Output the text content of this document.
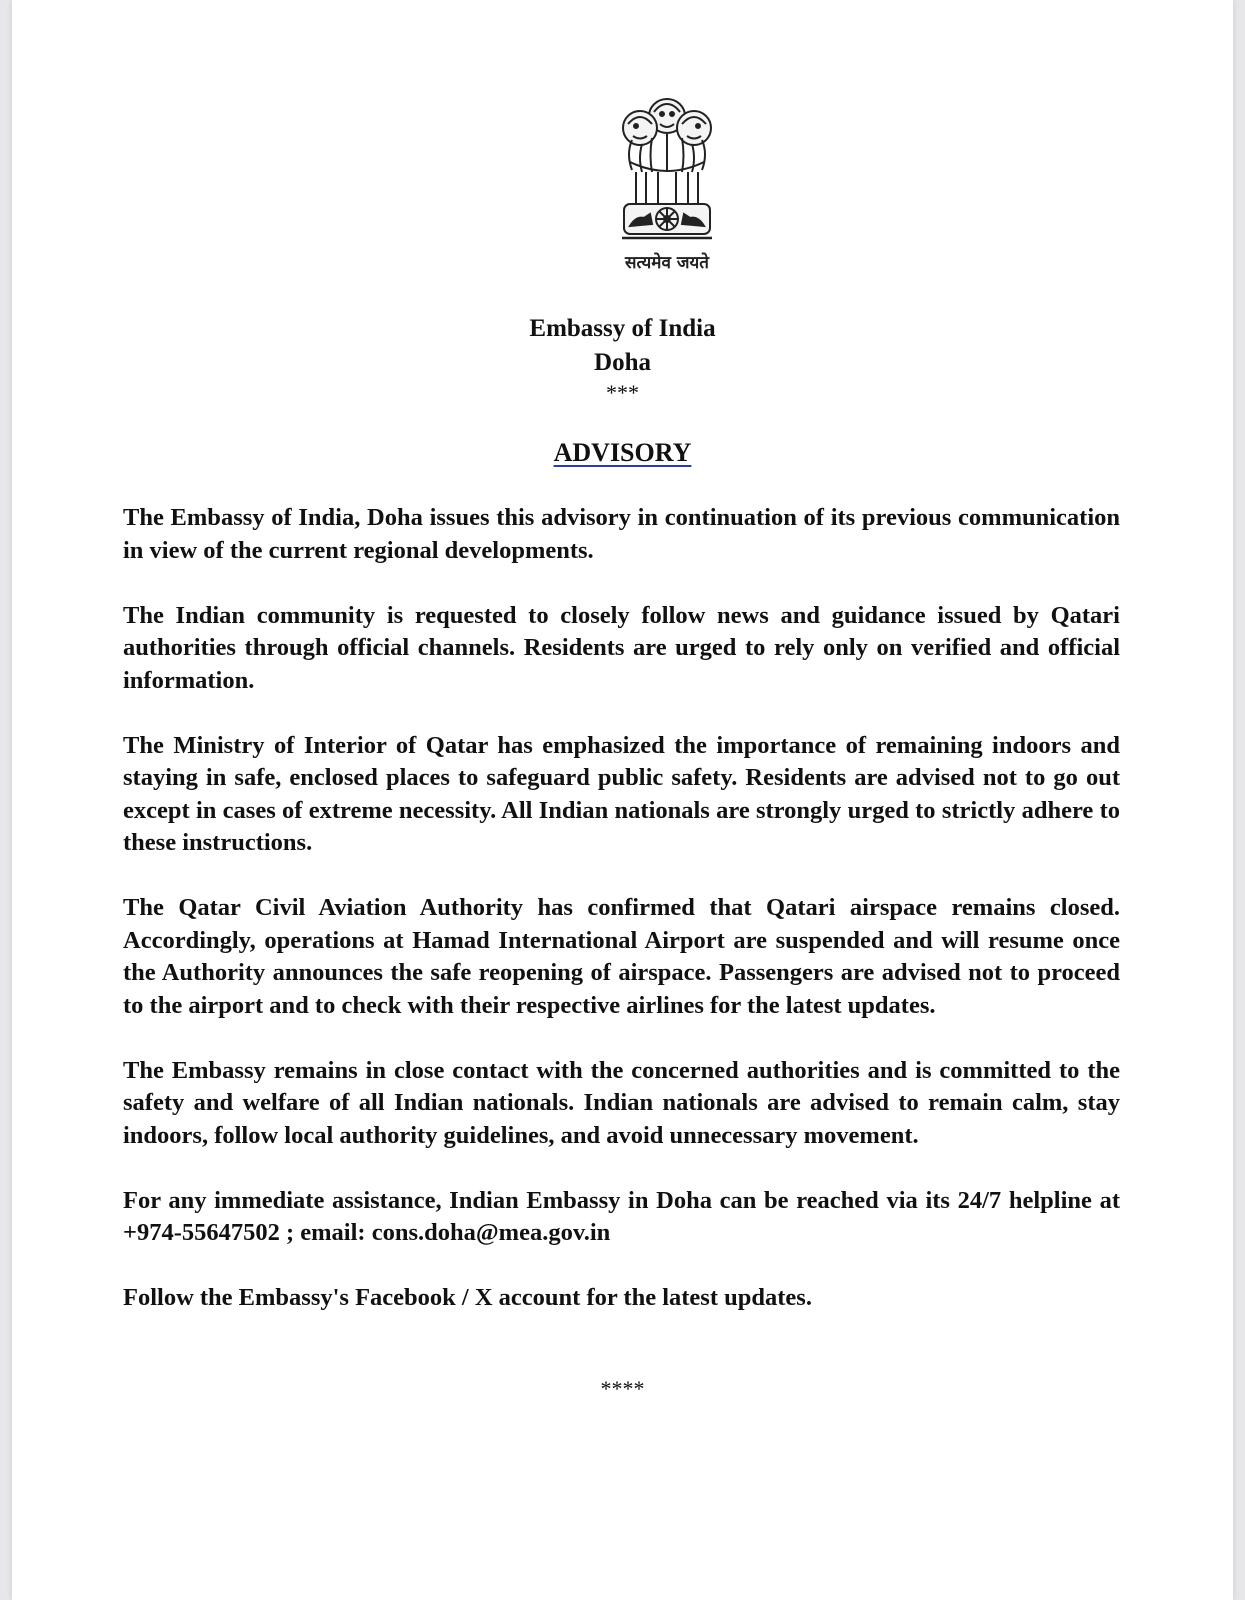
सत्यमेव जयते
Embassy of India
Doha
***
ADVISORY

The Embassy of India, Doha issues this advisory in continuation of its previous communication in view of the current regional developments.

The Indian community is requested to closely follow news and guidance issued by Qatari authorities through official channels. Residents are urged to rely only on verified and official information.

The Ministry of Interior of Qatar has emphasized the importance of remaining indoors and staying in safe, enclosed places to safeguard public safety. Residents are advised not to go out except in cases of extreme necessity. All Indian nationals are strongly urged to strictly adhere to these instructions.

The Qatar Civil Aviation Authority has confirmed that Qatari airspace remains closed. Accordingly, operations at Hamad International Airport are suspended and will resume once the Authority announces the safe reopening of airspace. Passengers are advised not to proceed to the airport and to check with their respective airlines for the latest updates.

The Embassy remains in close contact with the concerned authorities and is committed to the safety and welfare of all Indian nationals. Indian nationals are advised to remain calm, stay indoors, follow local authority guidelines, and avoid unnecessary movement.

For any immediate assistance, Indian Embassy in Doha can be reached via its 24/7 helpline at +974-55647502 ; email: cons.doha@mea.gov.in

Follow the Embassy's Facebook / X account for the latest updates.

****
